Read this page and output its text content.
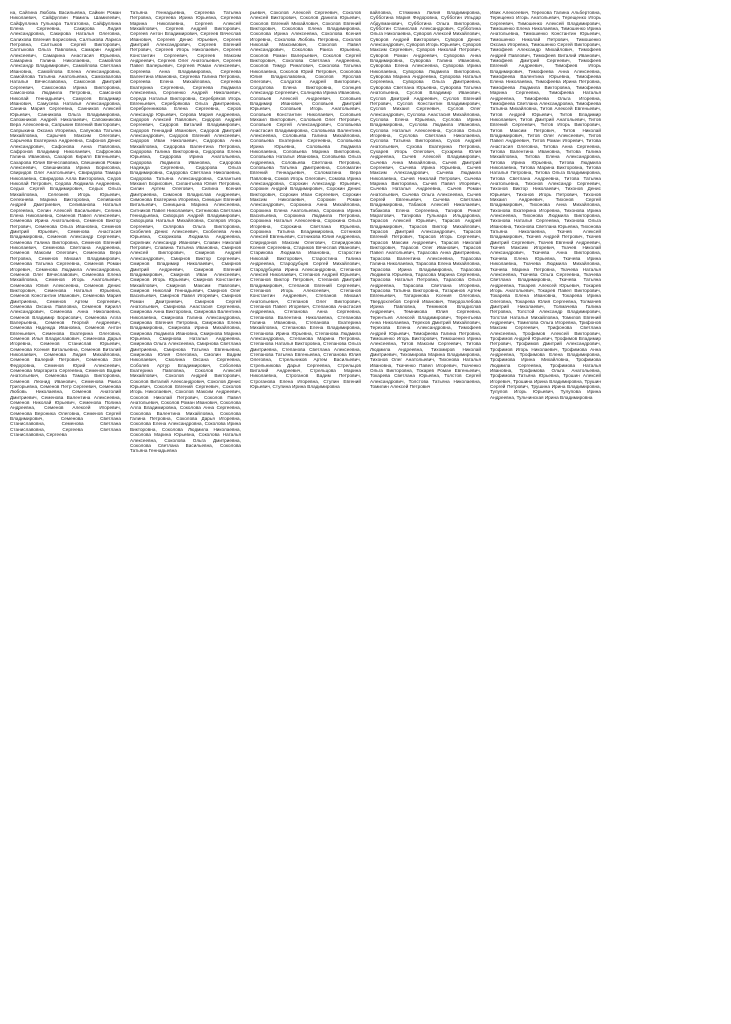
на, Сайгина Любовь Васильевна, Сайкин Роман Николаевич, Сайфуллин Рамиль Шамилевич, Сайфуллина Гульнара Талгатовна, Сайфуллина Елена Сергеевна, Сакирова Лидия Александровна, Сакирова Наталья Олеговна, Салихова Евгения Борисовна, Салтыкова Лариса Петровна, Салтыков Сергей Викторович, Салтыкова Ольга Павловна, Самарин Андрей Алексеевич, Самарина Анастасия Юрьевна, Самарина Галина Николаевна, Самойлов Александр Владимирович, Самойлова Светлана Ивановна, Самойлова Елена Александровна, Самойлова Татьяна Анатольевна, Самохвалова Наталья Вячеславовна, Самсонов Дмитрий Сергеевич, Самсонова Ирина Викторовна, Самсонова Людмила Петровна, Самсонов Николай Геннадьевич, Самусев Владимир Иванович, Самусева Наталья Александровна, Санина Мария Сергеевна, Санников Алексей Юрьевич, Санникова Ольга Владимировна, Сапожников Андрей Николаевич, Сапожникова Вера Алексеевна, Сапрыкин Евгений Викторович, Сапрыкина Оксана Игоревна, Сапунова Татьяна Михайловна, Сарычев Максим Олегович, Сарычева Екатерина Андреевна, Сафонов Денис Александрович, Сафонова Анна Павловна, Сафронов Владимир Николаевич, Сафронова Галина Ивановна, Сахаров Кирилл Евгеньевич, Сахарова Юлия Вячеславовна, Свешников Роман Алексеевич, Свешникова Ирина Борисовна, Свиридов Олег Анатольевич, Свиридова Тамара Николаевна, Свиридова Алла Викторовна, Седов Николай Петрович, Седова Людмила Андреевна, Седых Сергей Владимирович, Седых Ольга Михайловна, Селезнев Игорь Юрьевич, Селезнева Марина Викторовна, Селиванов Андрей Дмитриевич, Селиванова Наталья Сергеевна, Селин Алексей Васильевич, Селина Елена Николаевна, Семенов Павел Алексеевич, Семенова Ирина Анатольевна, Семенов Виктор Петрович, Семенова Ольга Ивановна, Семенов Дмитрий Юрьевич, Семенова Анастасия Владимировна, Семенов Александр Сергеевич, Семенова Галина Викторовна, Семенов Евгений Николаевич, Семенова Светлана Андреевна, Семенов Максим Олегович, Семенова Вера Петровна, Семенов Михаил Владимирович, Семенова Татьяна Сергеевна, Семенов Роман Игоревич, Семенова Людмила Александровна, Семенов Олег Вячеславович, Семенова Елена Михайловна, Семенов Игорь Анатольевич, Семенова Юлия Алексеевна, Семенов Денис Викторович, Семенова Наталья Юрьевна, Семенов Константин Иванович, Семенова Мария Дмитриевна, Семенов Артем Сергеевич, Семенова Оксана Павловна, Семенов Кирилл Александрович, Семенова Анна Николаевна, Семенов Владимир Борисович, Семенова Алла Валерьевна, Семенов Георгий Андреевич, Семенова Надежда Ивановна, Семенов Антон Евгеньевич, Семенова Екатерина Олеговна, Семенов Илья Владиславович, Семенова Дарья Игоревна, Семенов Станислав Юрьевич, Семенова Ксения Витальевна, Семенов Виталий Николаевич, Семенова Лидия Михайловна, Семенов Валерий Петрович, Семенова Зоя Федоровна, Семенов Юрий Алексеевич, Семенова Маргарита Сергеевна, Семенов Вадим Анатольевич, Семенова Тамара Викторовна, Семенов Леонид Иванович, Семенова Раиса Григорьевна, Семенов Петр Сергеевич, Семенова Любовь Николаевна, Семенов Анатолий Дмитриевич, Семенова Валентина Алексеевна, Семенов Николай Юрьевич, Семенова Полина Андреевна, Семенов Алексей Игоревич, Семенова Вероника Олеговна, Семенов Сергей Владимирович, Семенова Светлана Станиславовна, Семенова Светлана Станиславовна, Сергеева Светлана Станиславовна, Сергеева

Татьяна Геннадьевна, Сергеева Татьяна Петровна, Сергеева Ирина Юрьевна, Сергеева Марина Николаевна, Сергеев Алексей Михайлович, Сергеев Андрей Викторович, Сергеев Антон Владимирович, Сергеев Вячеслав Иванович, Сергеев Денис Юрьевич, Сергеев Дмитрий Александрович, Сергеев Евгений Петрович, Сергеев Игорь Николаевич, Сергеев Константин Сергеевич, Сергеев Максим Андреевич, Сергеев Олег Анатольевич, Сергеев Павел Валерьевич, Сергеев Роман Алексеевич, Сергеева Анна Владимировна, Сергеева Валентина Ивановна, Сергеева Галина Петровна, Сергеева Елена Михайловна, Сергеева Екатерина Сергеевна, Сергеева Людмила Алексеевна, Сергиенко Андрей Николаевич, Середа Наталья Викторовна, Серебряков Игорь Евгеньевич, Серебрякова Ольга Дмитриевна, Серебренникова Елена Сергеевна, Серов Александр Юрьевич, Серова Мария Андреевна, Сидоров Алексей Павлович, Сидоров Андрей Сергеевич, Сидоров Виталий Владимирович, Сидоров Геннадий Иванович, Сидоров Дмитрий Александрович, Сидоров Евгений Алексеевич, Сидоров Иван Николаевич, Сидорова Анна Михайловна, Сидорова Валентина Петровна, Сидорова Галина Викторовна, Сидорова Елена Юрьевна, Сидорова Ирина Анатольевна, Сидорова Людмила Ивановна, Сидорова Надежда Сергеевна, Сидорова Ольга Владимировна, Сидорова Светлана Николаевна, Сидорова Татьяна Александровна, Силантьев Михаил Борисович, Силантьева Юлия Петровна, Силин Артем Олегович, Силина Ксения Дмитриевна, Симонов Владислав Андреевич, Симонова Екатерина Игоревна, Синицын Евгений Витальевич, Синицына Марина Алексеевна, Ситников Павел Николаевич, Ситникова Светлана Геннадьевна, Скворцов Андрей Владимирович, Скворцова Наталья Михайловна, Скляров Игорь Сергеевич, Склярова Ольга Викторовна, Скобелев Денис Алексеевич, Скобелева Анна Юрьевна, Скорикова Людмила Андреевна, Скрипник Александр Иванович, Славин Николай Петрович, Славина Татьяна Ивановна, Смирнов Алексей Викторович, Смирнов Андрей Александрович, Смирнов Виктор Сергеевич, Смирнов Владимир Николаевич, Смирнов Дмитрий Андреевич, Смирнов Евгений Владимирович, Смирнов Иван Алексеевич, Смирнов Игорь Юрьевич, Смирнов Константин Михайлович, Смирнов Максим Павлович, Смирнов Николай Геннадьевич, Смирнов Олег Васильевич, Смирнов Павел Игоревич, Смирнов Роман Дмитриевич, Смирнов Сергей Анатольевич, Смирнова Анастасия Сергеевна, Смирнова Анна Викторовна, Смирнова Валентина Николаевна, Смирнова Галина Александровна, Смирнова Евгения Петровна, Смирнова Елена Владимировна, Смирнова Ирина Михайловна, Смирнова Людмила Ивановна, Смирнова Марина Юрьевна, Смирнова Наталья Андреевна, Смирнова Ольга Алексеевна, Смирнова Светлана Дмитриевна, Смирнова Татьяна Евгеньевна, Смирнова Юлия Олеговна, Смолин Вадим Николаевич, Смолина Оксана Сергеевна, Соболев Артур Владимирович, Соболева Екатерина Павловна, Соколов Алексей Михайлович, Соколов Андрей Викторович, Соколов Виталий Александрович, Соколов Денис Юрьевич, Соколов Евгений Сергеевич, Соколов Игорь Николаевич, Соколов Максим Андреевич, Соколов Николай Петрович, Соколов Павел Анатольевич, Соколов Роман Иванович, Соколова Алла Владимировна, Соколова Анна Сергеевна, Соколова Валентина Михайловна, Соколова Галина Петровна, Соколова Дарья Игоревна, Соколова Елена Александровна, Соколова Ирина Викторовна, Соколова Людмила Николаевна, Соколова Марина Юрьевна, Соколова Наталья Алексеевна, Соколова Ольга Дмитриевна, Соколова Светлана Васильевна, Соколова Татьяна Геннадьевна

рьевич, Соколов Алексей Сергеевич, Соколов Алексей Викторович, Соколов Данила Юрьевич, Соколов Евгений Михайлович, Соколов Евгений Викторович, Соколова Елена Владимировна, Соколова Ирина Алексеевна, Соколова Ксения Игоревна, Соколова Любовь Петровна, Соколов Николай Максимович, Соколов Павел Александрович, Соколова Раиса Юрьевна, Соколов Роман Валерьевич, Соколов Сергей Викторович, Соколова Светлана Андреевна, Соколов Тимур Ринатович, Соколова Татьяна Николаевна, Соколов Юрий Петрович, Соколова Юлия Владиславовна, Соколов Ярослав Олегович, Солдатов Андрей Викторович, Солдатова Елена Викторовна, Солнцев Александр Сергеевич, Солнцева Ирина Ивановна, Соловьев Алексей Андреевич, Соловьев Владимир Иванович, Соловьев Дмитрий Юрьевич, Соловьев Игорь Анатольевич, Соловьев Константин Николаевич, Соловьев Михаил Викторович, Соловьев Олег Петрович, Соловьев Сергей Александрович, Соловьева Анастасия Владимировна, Соловьева Валентина Алексеевна, Соловьева Галина Михайловна, Соловьева Екатерина Сергеевна, Соловьева Ирина Юрьевна, Соловьева Людмила Николаевна, Соловьева Марина Викторовна, Соловьева Наталья Ивановна, Соловьева Ольга Андреевна, Соловьева Светлана Петровна, Соловьева Татьяна Дмитриевна, Соломатин Евгений Геннадьевич, Соломатина Вера Павловна, Сомов Игорь Олегович, Сомова Ирина Александровна, Сорокин Александр Юрьевич, Сорокин Андрей Владимирович, Сорокин Денис Викторович, Сорокин Иван Сергеевич, Сорокин Максим Николаевич, Сорокин Роман Александрович, Сорокина Анна Михайловна, Сорокина Елена Анатольевна, Сорокина Ирина Васильевна, Сорокина Людмила Петровна, Сорокина Наталья Алексеевна, Сорокина Ольга Игоревна, Сорокина Светлана Юрьевна, Сорокина Татьяна Владимировна, Сотников Алексей Евгеньевич, Сотникова Юлия Андреевна, Спиридонов Максим Олегович, Спиридонова Ксения Сергеевна, Стариков Вячеслав Иванович, Старикова Людмила Ивановна, Старостин Николай Викторович, Старостина Галина Андреевна, Стародубцев Сергей Михайлович, Стародубцева Ирина Александровна, Степанов Алексей Николаевич, Степанов Андрей Юрьевич, Степанов Виктор Петрович, Степанов Дмитрий Владимирович, Степанов Евгений Сергеевич, Степанов Игорь Алексеевич, Степанов Константин Андреевич, Степанов Михаил Анатольевич, Степанов Олег Викторович, Степанов Павел Игоревич, Степанова Анастасия Андреевна, Степанова Анна Сергеевна, Степанова Валентина Николаевна, Степанова Галина Ивановна, Степанова Екатерина Михайловна, Степанова Елена Владимировна, Степанова Ирина Юрьевна, Степанова Людмила Александровна, Степанова Марина Петровна, Степанова Наталья Викторовна, Степанова Ольга Дмитриевна, Степанова Светлана Алексеевна, Степанова Татьяна Евгеньевна, Степанова Юлия Олеговна, Стрельников Артем Васильевич, Стрельникова Дарья Сергеевна, Стрельцов Виталий Андреевич, Стрельцова Марина Николаевна, Строганов Вадим Петрович, Строганова Елена Игоревна, Ступин Евгений Юрьевич, Ступина Ирина Владимировна

вайловна, Стяжкина Лилия Владимировна, Субботина Мария Федоровна, Субботин Ильдар Абдулманович, Субботина Ольга Викторовна, Субботин Станислав Александрович, Субботина Ольга Николаевна, Суворов Алексей Михайлович, Суворов Андрей Викторович, Суворов Денис Александрович, Суворов Игорь Юрьевич, Суворов Максим Сергеевич, Суворов Николай Петрович, Суворов Роман Андреевич, Суворова Анна Владимировна, Суворова Галина Ивановна, Суворова Елена Алексеевна, Суворова Ирина Николаевна, Суворова Людмила Викторовна, Суворова Марина Андреевна, Суворова Наталья Сергеевна, Суворова Ольга Дмитриевна, Суворова Светлана Юрьевна, Суворова Татьяна Анатольевна, Суслов Владимир Иванович, Суслов Дмитрий Андреевич, Суслов Евгений Петрович, Суслов Константин Владимирович, Суслов Михаил Сергеевич, Суслов Олег Александрович, Суслова Анастасия Михайловна, Суслова Елена Юрьевна, Суслова Ирина Владимировна, Суслова Людмила Ивановна, Суслова Наталья Алексеевна, Суслова Ольга Игоревна, Суслова Светлана Николаевна, Суслова Татьяна Викторовна, Сухов Андрей Анатольевич, Сухова Екатерина Петровна, Сухарев Игорь Олегович, Сухарева Юлия Андреевна, Сычев Алексей Владимирович, Сычева Анна Михайловна, Сычев Дмитрий Сергеевич, Сычева Ирина Юрьевна, Сычев Максим Александрович, Сычева Людмила Николаевна, Сычев Николай Петрович, Сычева Марина Викторовна, Сычев Павел Игоревич, Сычева Наталья Андреевна, Сычев Роман Анатольевич, Сычева Ольга Алексеевна, Сычев Сергей Евгеньевич, Сычева Светлана Владимировна, Табаков Алексей Николаевич, Табакова Елена Сергеевна, Тагиров Ринат Маратович, Тагирова Гульнара Ильдаровна, Тарасов Алексей Юрьевич, Тарасов Андрей Владимирович, Тарасов Виктор Михайлович, Тарасов Дмитрий Александрович, Тарасов Евгений Петрович, Тарасов Игорь Сергеевич, Тарасов Максим Андреевич, Тарасов Николай Викторович, Тарасов Олег Иванович, Тарасов Павел Анатольевич, Тарасова Анна Дмитриевна, Тарасова Валентина Алексеевна, Тарасова Галина Николаевна, Тарасова Елена Михайловна, Тарасова Ирина Владимировна, Тарасова Людмила Юрьевна, Тарасова Марина Сергеевна, Тарасова Наталья Петровна, Тарасова Ольга Андреевна, Тарасова Светлана Игоревна, Тарасова Татьяна Викторовна, Татаринов Артем Евгеньевич, Татаринова Ксения Олеговна, Твердохлебов Сергей Иванович, Твердохлебова Ирина Павловна, Темников Владислав Андреевич, Темникова Юлия Сергеевна, Терентьев Алексей Владимирович, Терентьева Анна Николаевна, Терехов Дмитрий Михайлович, Терехова Елена Александровна, Тимофеев Андрей Юрьевич, Тимофеева Галина Петровна, Тимошенко Игорь Викторович, Тимошенко Ирина Алексеевна, Титов Максим Сергеевич, Титова Людмила Андреевна, Тихомиров Николай Дмитриевич, Тихомирова Марина Владимировна, Тихонов Олег Анатольевич, Тихонова Наталья Ивановна, Ткаченко Павел Игоревич, Ткаченко Ольга Викторовна, Токарев Роман Евгеньевич, Токарева Светлана Юрьевна, Толстов Сергей Александрович, Толстова Татьяна Николаевна, Томилин Алексей Петрович

Ивик Алексеевич, Тереховa Галина Альбертовна, Терещенко Игорь Анатольевич, Терещенко Игорь Сергеевич, Тимошенко Алексей Владимирович, Тимошенко Елена Николаевна, Тимошенко Ирина Анатольевна, Тимошенко Константин Юрьевич, Тимошенко Николай Петрович, Тимошенко Оксана Игоревна, Тимошенко Сергей Викторович, Тимофеев Александр Михайлович, Тимофеев Андрей Павлович, Тимофеев Виталий Иванович, Тимофеев Дмитрий Сергеевич, Тимофеев Евгений Андреевич, Тимофеев Игорь Владимирович, Тимофеева Анна Алексеевна, Тимофеева Валентина Юрьевна, Тимофеева Елена Николаевна, Тимофеева Ирина Петровна, Тимофеева Людмила Викторовна, Тимофеева Марина Сергеевна, Тимофеева Наталья Андреевна, Тимофеева Ольга Игоревна, Тимофеева Светлана Александровна, Тимофеева Татьяна Михайловна, Титов Алексей Евгеньевич, Титов Андрей Юрьевич, Титов Владимир Николаевич, Титов Дмитрий Анатольевич, Титов Евгений Сергеевич, Титов Игорь Викторович, Титов Максим Петрович, Титов Николай Владимирович, Титов Олег Алексеевич, Титов Павел Андреевич, Титов Роман Игоревич, Титова Анастасия Олеговна, Титова Анна Сергеевна, Титова Валентина Ивановна, Титова Галина Михайловна, Титова Елена Александровна, Титова Ирина Юрьевна, Титова Людмила Николаевна, Титова Марина Викторовна, Титова Наталья Петровна, Титова Ольга Владимировна, Титова Светлана Андреевна, Титова Татьяна Анатольевна, Тихонов Александр Сергеевич, Тихонов Виктор Николаевич, Тихонов Денис Юрьевич, Тихонов Игорь Петрович, Тихонов Михаил Андреевич, Тихонов Сергей Владимирович, Тихонова Анна Михайловна, Тихонова Екатерина Игоревна, Тихонова Ирина Алексеевна, Тихонова Людмила Викторовна, Тихонова Наталья Сергеевна, Тихонова Ольга Ивановна, Тихонова Светлана Юрьевна, Тихонова Татьяна Николаевна, Ткачев Алексей Владимирович, Ткачев Андрей Петрович, Ткачев Дмитрий Сергеевич, Ткачев Евгений Андреевич, Ткачев Максим Игоревич, Ткачев Николай Александрович, Ткачева Анна Викторовна, Ткачева Елена Юрьевна, Ткачева Ирина Николаевна, Ткачева Людмила Михайловна, Ткачева Марина Петровна, Ткачева Наталья Алексеевна, Ткачева Ольга Сергеевна, Ткачева Светлана Владимировна, Ткачева Татьяна Андреевна, Токарев Алексей Юрьевич, Токарев Игорь Анатольевич, Токарев Павел Викторович, Токарева Елена Ивановна, Токарева Ирина Олеговна, Токарева Юлия Сергеевна, Толмачев Дмитрий Николаевич, Толмачева Галина Петровна, Толстой Александр Владимирович, Толстая Наталья Михайловна, Томилов Евгений Андреевич, Томилова Ольга Игоревна, Трифонов Максим Сергеевич, Трифонова Светлана Алексеевна, Трофимов Алексей Викторович, Трофимов Андрей Юрьевич, Трофимов Владимир Петрович, Трофимов Дмитрий Александрович, Трофимов Игорь Николаевич, Трофимова Анна Андреевна, Трофимова Елена Владимировна, Трофимова Ирина Михайловна, Трофимова Людмила Сергеевна, Трофимова Наталья Ивановна, Трофимова Ольга Анатольевна, Трофимова Татьяна Юрьевна, Трошин Алексей Игоревич, Трошина Ирина Владимировна, Трушин Сергей Петрович, Трушина Ирина Владимировна, Тулупов Игорь Юрьевич, Тулупова Ирина Андреевна, Тульчинская Ирина Владимировна
